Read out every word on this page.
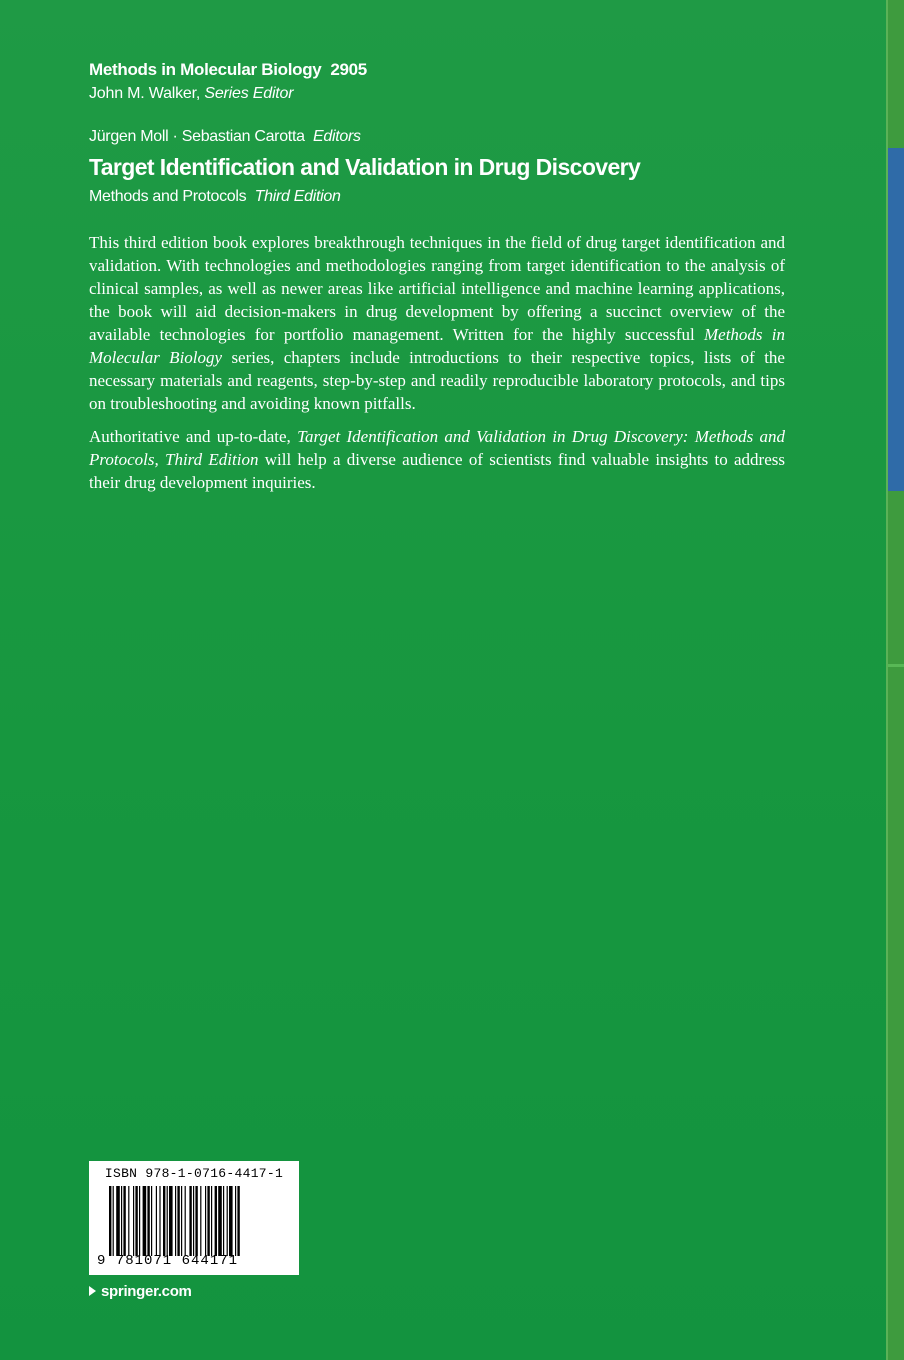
Methods in Molecular Biology 2905
John M. Walker, Series Editor
Jürgen Moll · Sebastian Carotta Editors
Target Identification and Validation in Drug Discovery
Methods and Protocols Third Edition

This third edition book explores breakthrough techniques in the field of drug target identification and validation. With technologies and methodologies ranging from target identification to the analysis of clinical samples, as well as newer areas like artificial intelligence and machine learning applications, the book will aid decision-makers in drug development by offering a succinct overview of the available technologies for portfolio management. Written for the highly successful Methods in Molecular Biology series, chapters include introductions to their respective topics, lists of the necessary materials and reagents, step-by-step and readily reproducible laboratory protocols, and tips on troubleshooting and avoiding known pitfalls.

Authoritative and up-to-date, Target Identification and Validation in Drug Discovery: Methods and Protocols, Third Edition will help a diverse audience of scientists find valuable insights to address their drug development inquiries.

ISBN 978-1-0716-4417-1
9 781071 644171
springer.com
